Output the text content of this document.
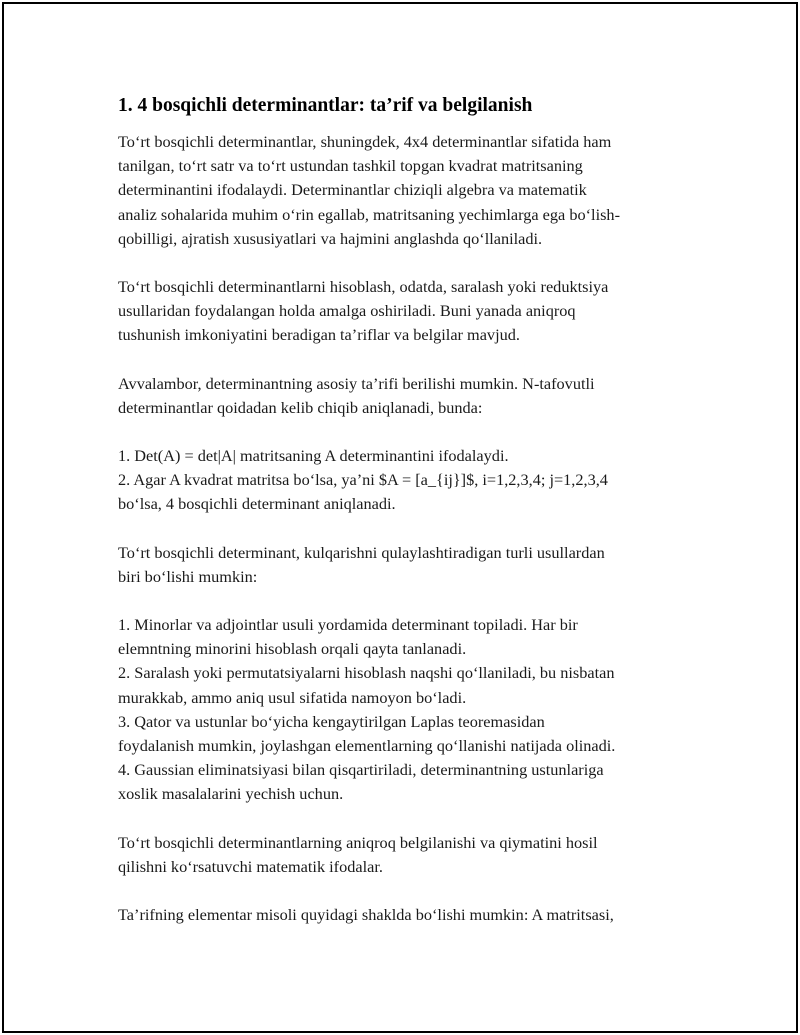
1. 4 bosqichli determinantlar: ta’rif va belgilanish

To‘rt bosqichli determinantlar, shuningdek, 4x4 determinantlar sifatida ham
tanilgan, to‘rt satr va to‘rt ustundan tashkil topgan kvadrat matritsaning
determinantini ifodalaydi. Determinantlar chiziqli algebra va matematik
analiz sohalarida muhim o‘rin egallab, matritsaning yechimlarga ega bo‘lish-
qobilligi, ajratish xususiyatlari va hajmini anglashda qo‘llaniladi.

To‘rt bosqichli determinantlarni hisoblash, odatda, saralash yoki reduktsiya
usullaridan foydalangan holda amalga oshiriladi. Buni yanada aniqroq
tushunish imkoniyatini beradigan ta’riflar va belgilar mavjud.

Avvalambor, determinantning asosiy ta’rifi berilishi mumkin. N-tafovutli
determinantlar qoidadan kelib chiqib aniqlanadi, bunda:

1. Det(A) = det|A| matritsaning A determinantini ifodalaydi.
2. Agar A kvadrat matritsa bo‘lsa, ya’ni $A = [a_{ij}]$, i=1,2,3,4; j=1,2,3,4
bo‘lsa, 4 bosqichli determinant aniqlanadi.

To‘rt bosqichli determinant, kulqarishni qulaylashtiradigan turli usullardan
biri bo‘lishi mumkin:

1. Minorlar va adjointlar usuli yordamida determinant topiladi. Har bir
elemntning minorini hisoblash orqali qayta tanlanadi.
2. Saralash yoki permutatsiyalarni hisoblash naqshi qo‘llaniladi, bu nisbatan
murakkab, ammo aniq usul sifatida namoyon bo‘ladi.
3. Qator va ustunlar bo‘yicha kengaytirilgan Laplas teoremasidan
foydalanish mumkin, joylashgan elementlarning qo‘llanishi natijada olinadi.
4. Gaussian eliminatsiyasi bilan qisqartiriladi, determinantning ustunlariga
xoslik masalalarini yechish uchun.

To‘rt bosqichli determinantlarning aniqroq belgilanishi va qiymatini hosil
qilishni ko‘rsatuvchi matematik ifodalar.

Ta’rifning elementar misoli quyidagi shaklda bo‘lishi mumkin: A matritsasi,
